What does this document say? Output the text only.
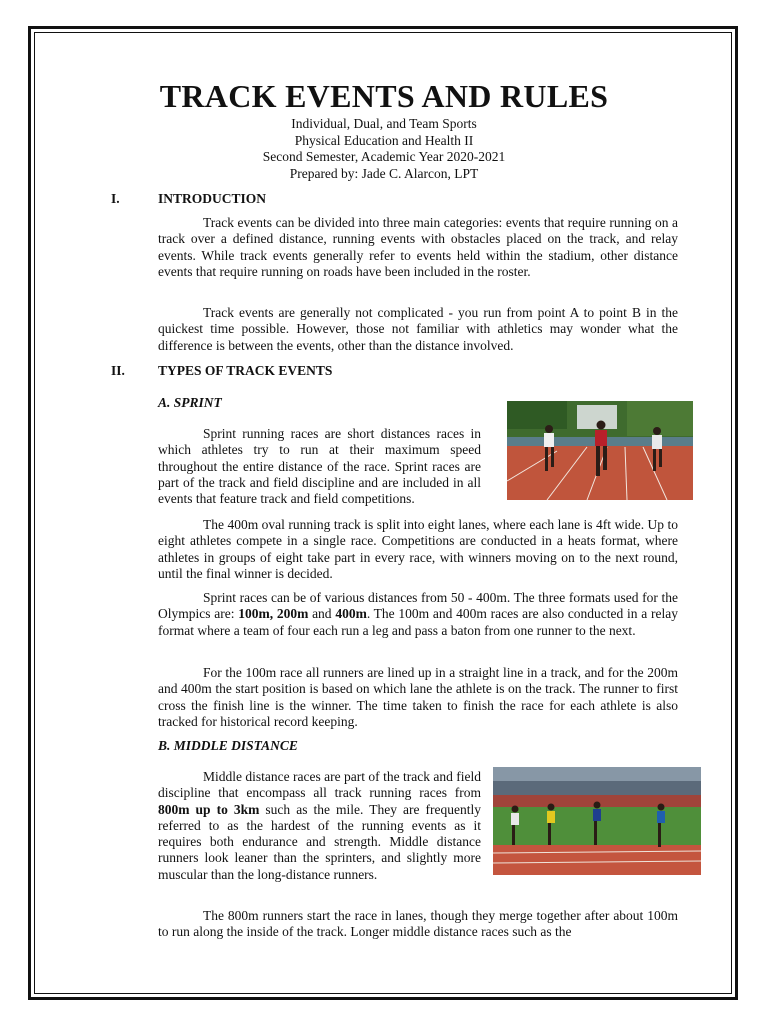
TRACK EVENTS AND RULES
Individual, Dual, and Team Sports
Physical Education and Health II
Second Semester, Academic Year 2020-2021
Prepared by: Jade C. Alarcon, LPT
I.	INTRODUCTION

Track events can be divided into three main categories: events that require running on a track over a defined distance, running events with obstacles placed on the track, and relay events. While track events generally refer to events held within the stadium, other distance events that require running on roads have been included in the roster.

Track events are generally not complicated - you run from point A to point B in the quickest time possible. However, those not familiar with athletics may wonder what the difference is between the events, other than the distance involved.

II. TYPES OF TRACK EVENTS
A. SPRINT

Sprint running races are short distances races in which athletes try to run at their maximum speed throughout the entire distance of the race. Sprint races are part of the track and field discipline and are included in all events that feature track and field competitions.

The 400m oval running track is split into eight lanes, where each lane is 4ft wide. Up to eight athletes compete in a single race. Competitions are conducted in a heats format, where athletes in groups of eight take part in every race, with winners moving on to the next round, until the final winner is decided.

Sprint races can be of various distances from 50 - 400m. The three formats used for the Olympics are: 100m, 200m and 400m. The 100m and 400m races are also conducted in a relay format where a team of four each run a leg and pass a baton from one runner to the next.

For the 100m race all runners are lined up in a straight line in a track, and for the 200m and 400m the start position is based on which lane the athlete is on the track. The runner to first cross the finish line is the winner. The time taken to finish the race for each athlete is also tracked for historical record keeping.

B. MIDDLE DISTANCE

Middle distance races are part of the track and field discipline that encompass all track running races from 800m up to 3km such as the mile. They are frequently referred to as the hardest of the running events as it requires both endurance and strength. Middle distance runners look leaner than the sprinters, and slightly more muscular than the long-distance runners.

The 800m runners start the race in lanes, though they merge together after about 100m to run along the inside of the track. Longer middle distance races such as the
